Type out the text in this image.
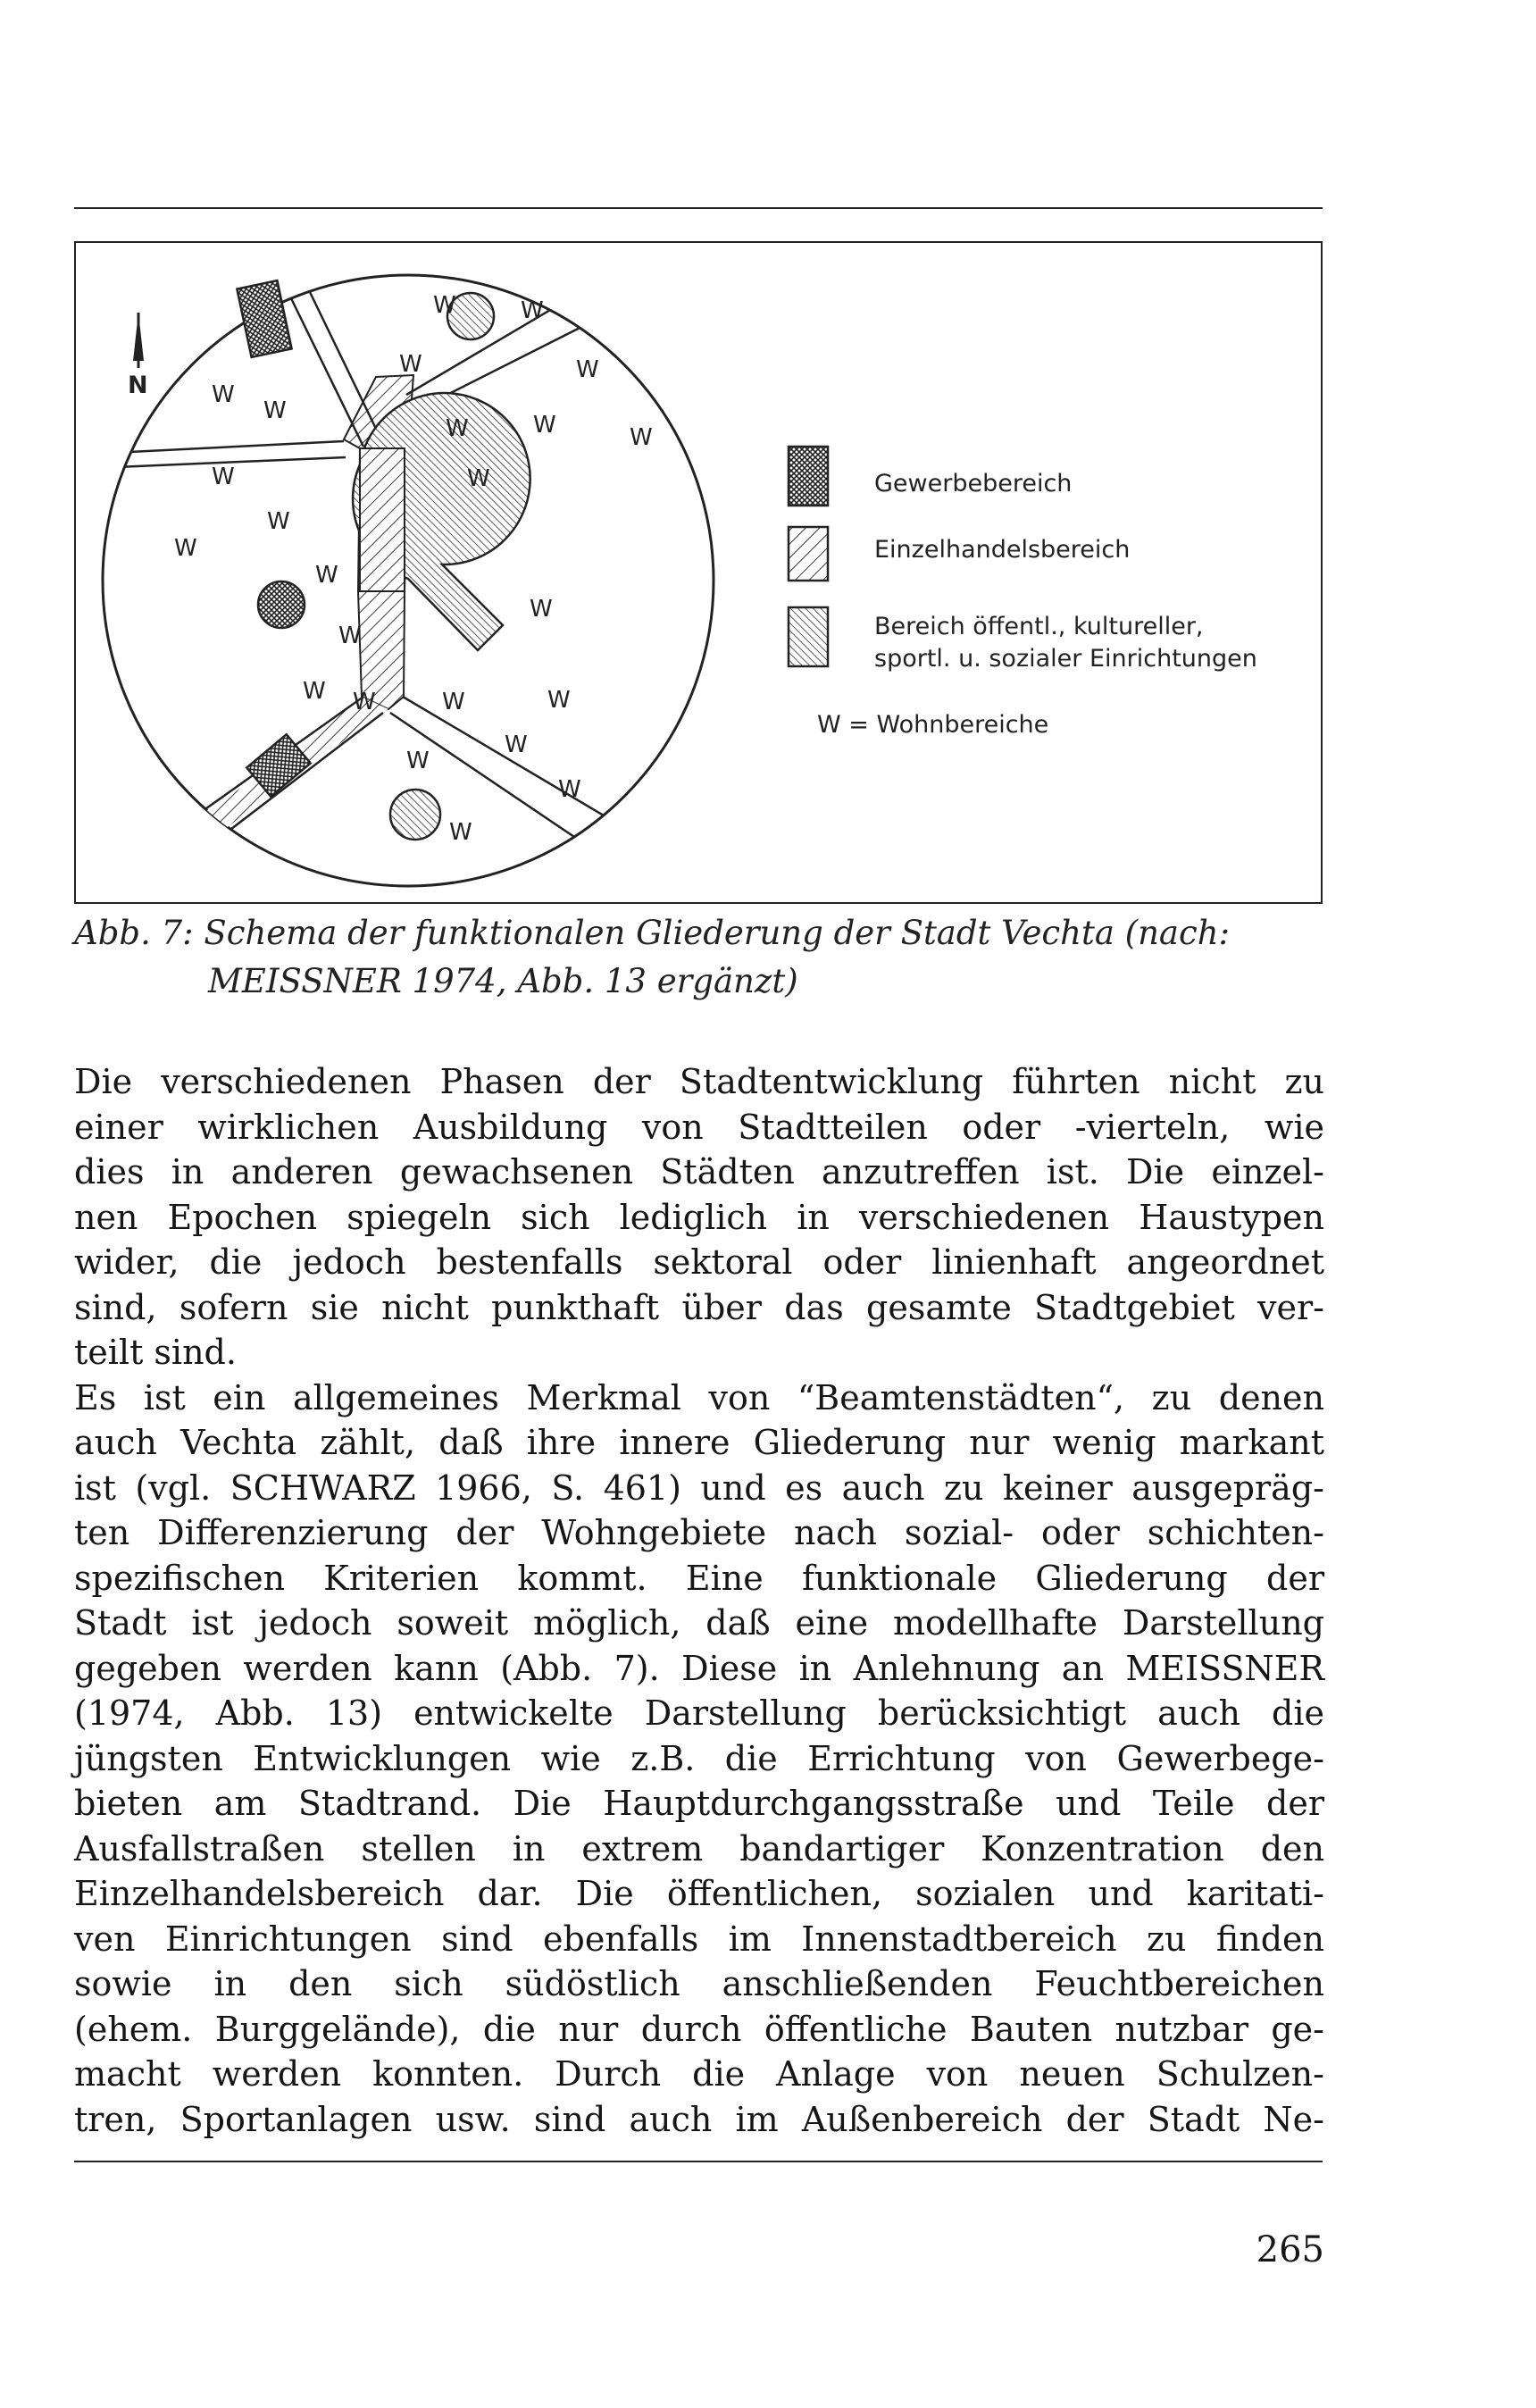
N
W	W
W	W
W
W
W	W	W
W	W
W
W
W
W
W
W W	W	W
W
W
W
W
Gewerbebereich
Einzelhandelsbereich
Bereich öffentl., kultureller,
sportl. u. sozialer Einrichtungen
W = Wohnbereiche
Abb. 7: Schema der funktionalen Gliederung der Stadt Vechta (nach:
MEISSNER 1974, Abb. 13 ergänzt)
Die verschiedenen Phasen der Stadtentwicklung führten nicht zu
einer wirklichen Ausbildung von Stadtteilen oder -vierteln, wie
dies in anderen gewachsenen Städten anzutreffen ist. Die einzel-
nen Epochen spiegeln sich lediglich in verschiedenen Haustypen
wider, die jedoch bestenfalls sektoral oder linienhaft angeordnet
sind, sofern sie nicht punkthaft über das gesamte Stadtgebiet ver-
teilt sind.
Es ist ein allgemeines Merkmal von “Beamtenstädten“, zu denen
auch Vechta zählt, daß ihre innere Gliederung nur wenig markant
ist (vgl. SCHWARZ 1966, S. 461) und es auch zu keiner ausgepräg-
ten Differenzierung der Wohngebiete nach sozial- oder schichten-
spezifischen Kriterien kommt. Eine funktionale Gliederung der
Stadt ist jedoch soweit möglich, daß eine modellhafte Darstellung
gegeben werden kann (Abb. 7). Diese in Anlehnung an MEISSNER
(1974, Abb. 13) entwickelte Darstellung berücksichtigt auch die
jüngsten Entwicklungen wie z.B. die Errichtung von Gewerbege-
bieten am Stadtrand. Die Hauptdurchgangsstraße und Teile der
Ausfallstraßen stellen in extrem bandartiger Konzentration den
Einzelhandelsbereich dar. Die öffentlichen, sozialen und karitati-
ven Einrichtungen sind ebenfalls im Innenstadtbereich zu finden
sowie in den sich südöstlich anschließenden Feuchtbereichen
(ehem. Burggelände), die nur durch öffentliche Bauten nutzbar ge-
macht werden konnten. Durch die Anlage von neuen Schulzen-
tren, Sportanlagen usw. sind auch im Außenbereich der Stadt Ne-
265
